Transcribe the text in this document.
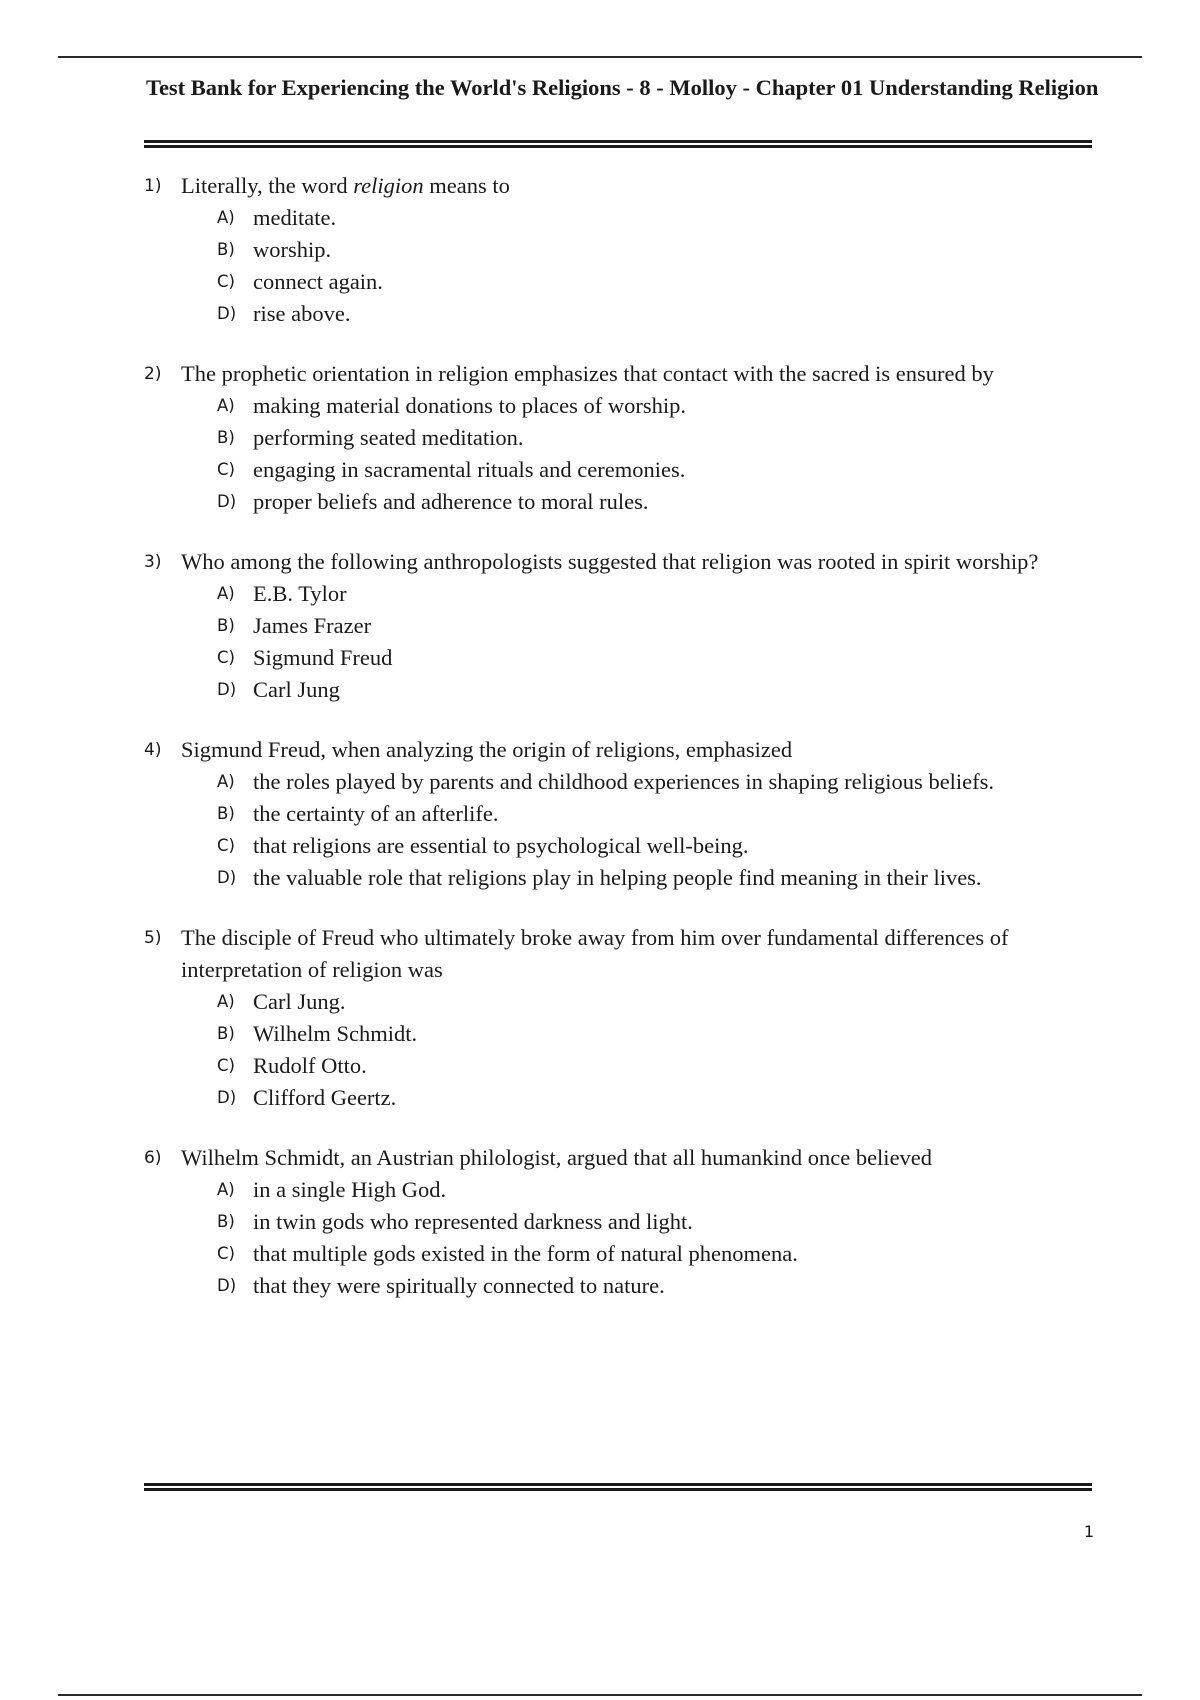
Test Bank for Experiencing the World's Religions - 8 - Molloy - Chapter 01 Understanding Religion
1) Literally, the word religion means to
A) meditate.
B) worship.
C) connect again.
D) rise above.
2) The prophetic orientation in religion emphasizes that contact with the sacred is ensured by
A) making material donations to places of worship.
B) performing seated meditation.
C) engaging in sacramental rituals and ceremonies.
D) proper beliefs and adherence to moral rules.
3) Who among the following anthropologists suggested that religion was rooted in spirit worship?
A) E.B. Tylor
B) James Frazer
C) Sigmund Freud
D) Carl Jung
4) Sigmund Freud, when analyzing the origin of religions, emphasized
A) the roles played by parents and childhood experiences in shaping religious beliefs.
B) the certainty of an afterlife.
C) that religions are essential to psychological well-being.
D) the valuable role that religions play in helping people find meaning in their lives.
5) The disciple of Freud who ultimately broke away from him over fundamental differences of interpretation of religion was
A) Carl Jung.
B) Wilhelm Schmidt.
C) Rudolf Otto.
D) Clifford Geertz.
6) Wilhelm Schmidt, an Austrian philologist, argued that all humankind once believed
A) in a single High God.
B) in twin gods who represented darkness and light.
C) that multiple gods existed in the form of natural phenomena.
D) that they were spiritually connected to nature.
1
